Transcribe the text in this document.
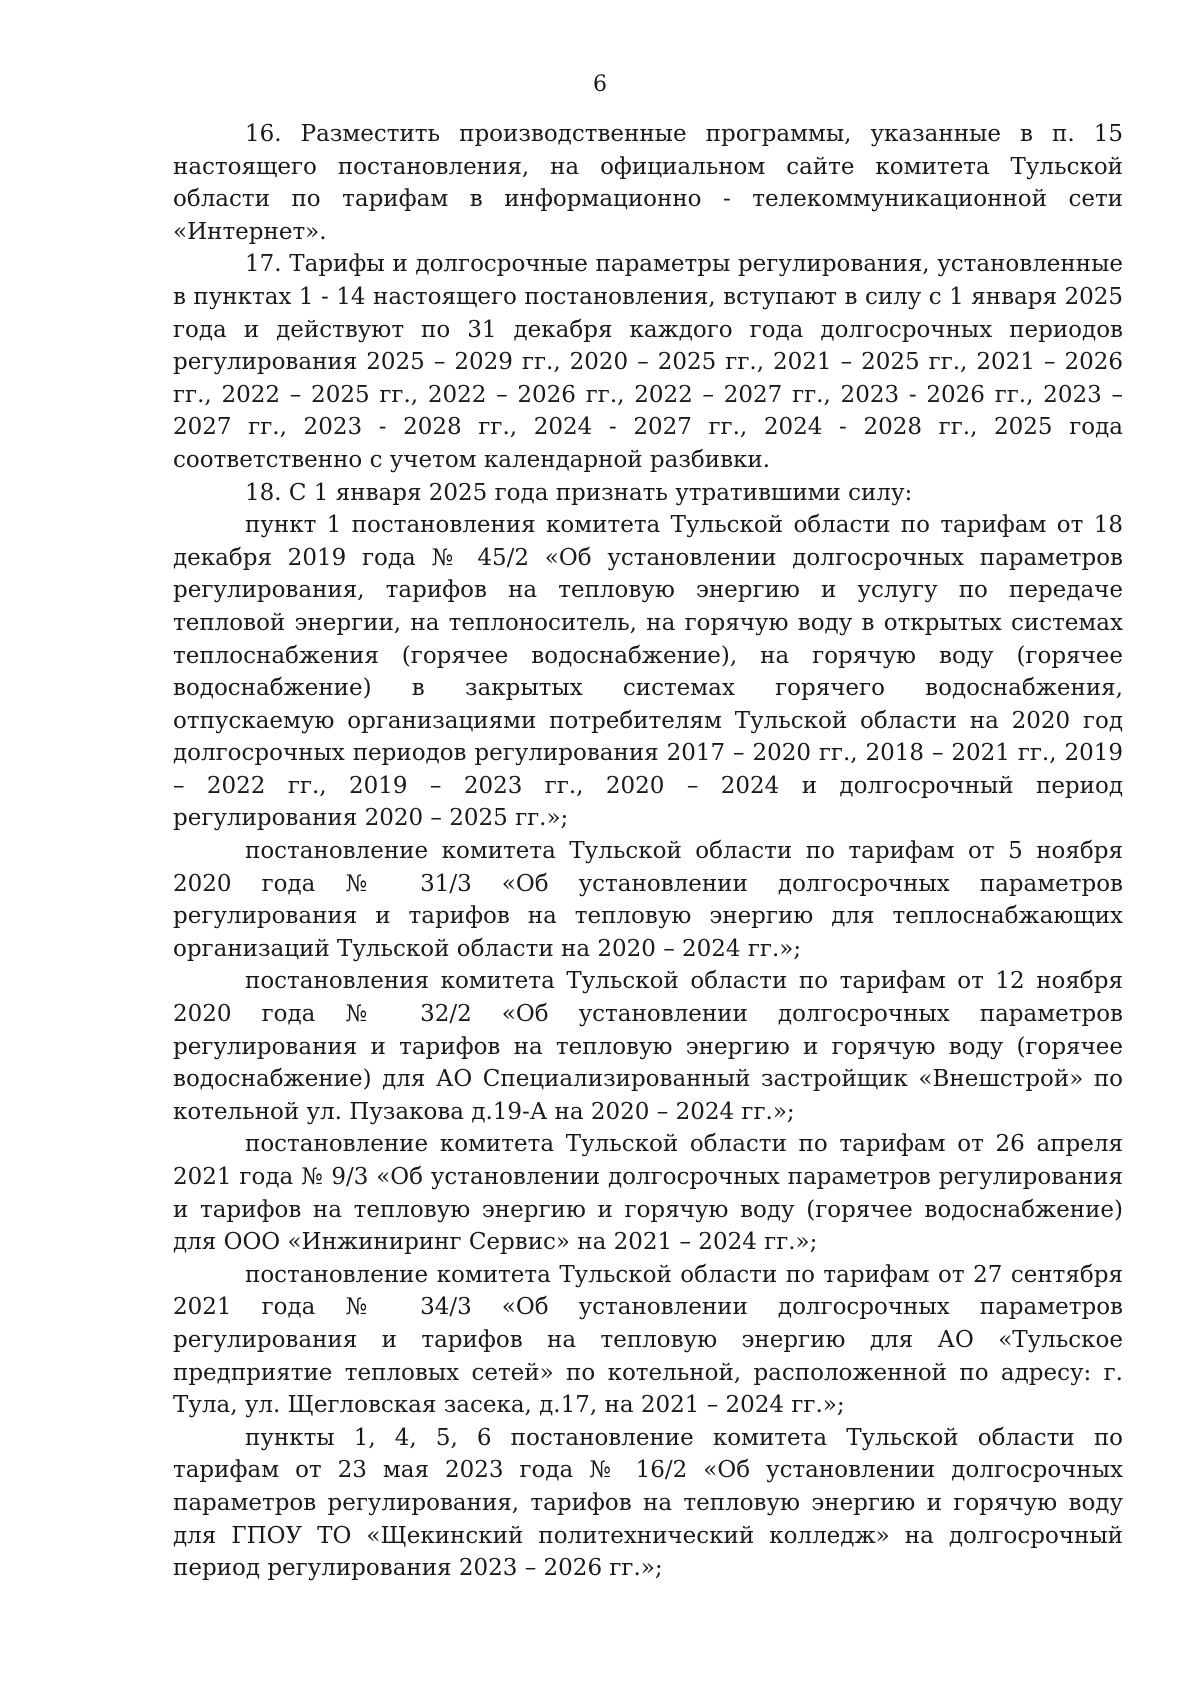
6

16. Разместить производственные программы, указанные в п. 15 настоящего постановления, на официальном сайте комитета Тульской области по тарифам в информационно - телекоммуникационной сети «Интернет».

17. Тарифы и долгосрочные параметры регулирования, установленные в пунктах 1 - 14 настоящего постановления, вступают в силу с 1 января 2025 года и действуют по 31 декабря каждого года долгосрочных периодов регулирования 2025 – 2029 гг., 2020 – 2025 гг., 2021 – 2025 гг., 2021 – 2026 гг., 2022 – 2025 гг., 2022 – 2026 гг., 2022 – 2027 гг., 2023 - 2026 гг., 2023 – 2027 гг., 2023 - 2028 гг., 2024 - 2027 гг., 2024 - 2028 гг., 2025 года соответственно с учетом календарной разбивки.

18. С 1 января 2025 года признать утратившими силу:

пункт 1 постановления комитета Тульской области по тарифам от 18 декабря 2019 года № 45/2 «Об установлении долгосрочных параметров регулирования, тарифов на тепловую энергию и услугу по передаче тепловой энергии, на теплоноситель, на горячую воду в открытых системах теплоснабжения (горячее водоснабжение), на горячую воду (горячее водоснабжение) в закрытых системах горячего водоснабжения, отпускаемую организациями потребителям Тульской области на 2020 год долгосрочных периодов регулирования 2017 – 2020 гг., 2018 – 2021 гг., 2019 – 2022 гг., 2019 – 2023 гг., 2020 – 2024 и долгосрочный период регулирования 2020 – 2025 гг.»;

постановление комитета Тульской области по тарифам от 5 ноября 2020 года № 31/3 «Об установлении долгосрочных параметров регулирования и тарифов на тепловую энергию для теплоснабжающих организаций Тульской области на 2020 – 2024 гг.»;

постановления комитета Тульской области по тарифам от 12 ноября 2020 года № 32/2 «Об установлении долгосрочных параметров регулирования и тарифов на тепловую энергию и горячую воду (горячее водоснабжение) для АО Специализированный застройщик «Внешстрой» по котельной ул. Пузакова д.19-А на 2020 – 2024 гг.»;

постановление комитета Тульской области по тарифам от 26 апреля 2021 года № 9/3 «Об установлении долгосрочных параметров регулирования и тарифов на тепловую энергию и горячую воду (горячее водоснабжение) для ООО «Инжиниринг Сервис» на 2021 – 2024 гг.»;

постановление комитета Тульской области по тарифам от 27 сентября 2021 года № 34/3 «Об установлении долгосрочных параметров регулирования и тарифов на тепловую энергию для АО «Тульское предприятие тепловых сетей» по котельной, расположенной по адресу: г. Тула, ул. Щегловская засека, д.17, на 2021 – 2024 гг.»;

пункты 1, 4, 5, 6 постановление комитета Тульской области по тарифам от 23 мая 2023 года № 16/2 «Об установлении долгосрочных параметров регулирования, тарифов на тепловую энергию и горячую воду для ГПОУ ТО «Щекинский политехнический колледж» на долгосрочный период регулирования 2023 – 2026 гг.»;
